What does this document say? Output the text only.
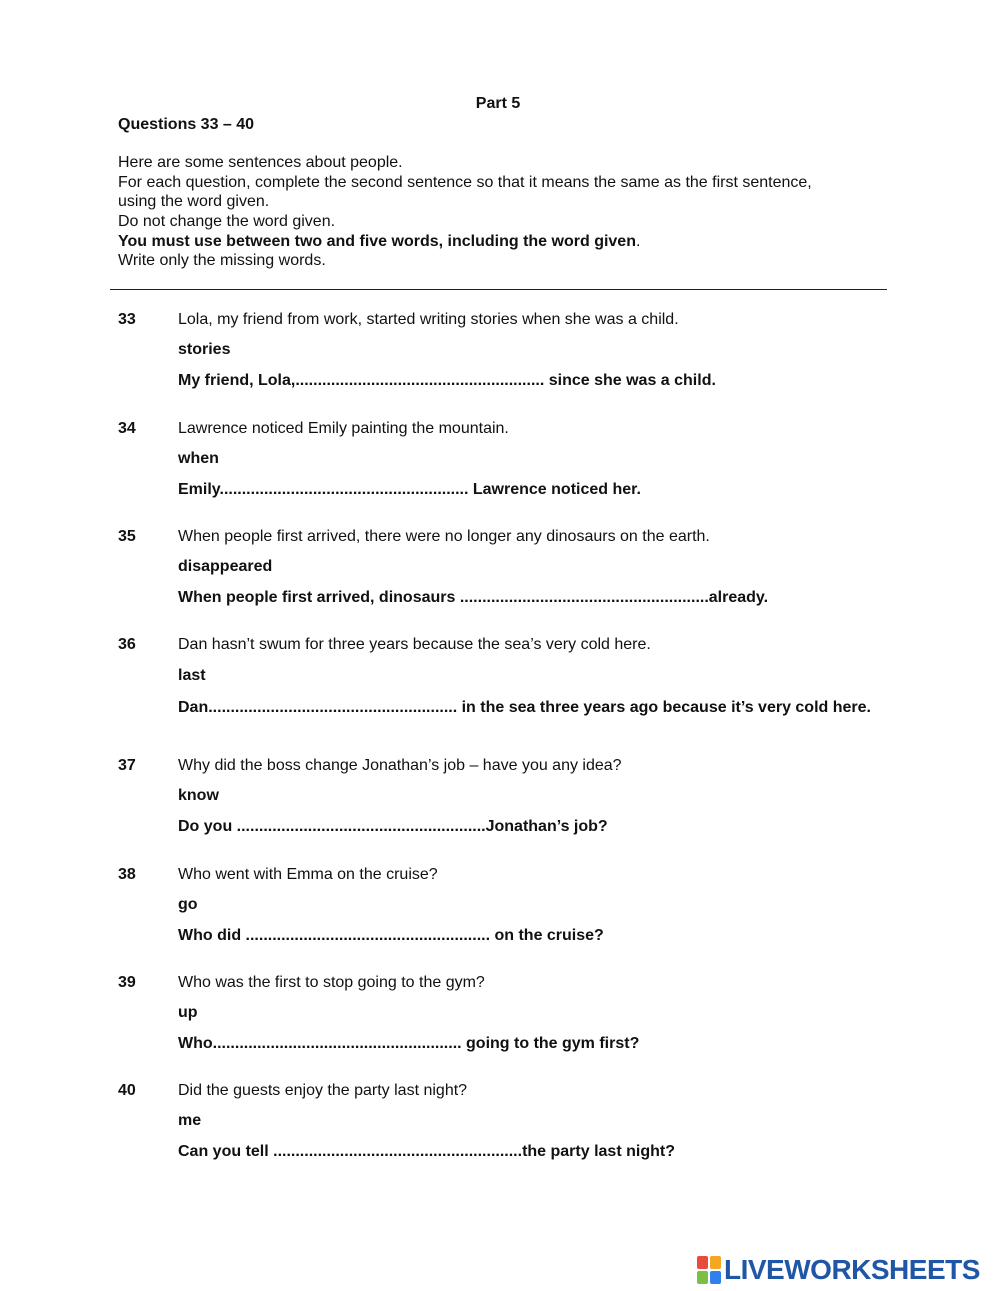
Part 5
Questions 33 – 40
Here are some sentences about people.
For each question, complete the second sentence so that it means the same as the first sentence,
using the word given.
Do not change the word given.
You must use between two and five words, including the word given.
Write only the missing words.
33	Lola, my friend from work, started writing stories when she was a child.
stories
My friend, Lola,........................................................ since she was a child.
34	Lawrence noticed Emily painting the mountain.
when
Emily........................................................ Lawrence noticed her.
35	When people first arrived, there were no longer any dinosaurs on the earth.
disappeared
When people first arrived, dinosaurs ........................................................already.
36	Dan hasn’t swum for three years because the sea’s very cold here.
last
Dan........................................................ in the sea three years ago because it’s very cold here.
37	Why did the boss change Jonathan’s job – have you any idea?
know
Do you ........................................................Jonathan’s job?
38	Who went with Emma on the cruise?
go
Who did ....................................................... on the cruise?
39	Who was the first to stop going to the gym?
up
Who........................................................ going to the gym first?
40	Did the guests enjoy the party last night?
me
Can you tell ........................................................the party last night?
LIVEWORKSHEETS
